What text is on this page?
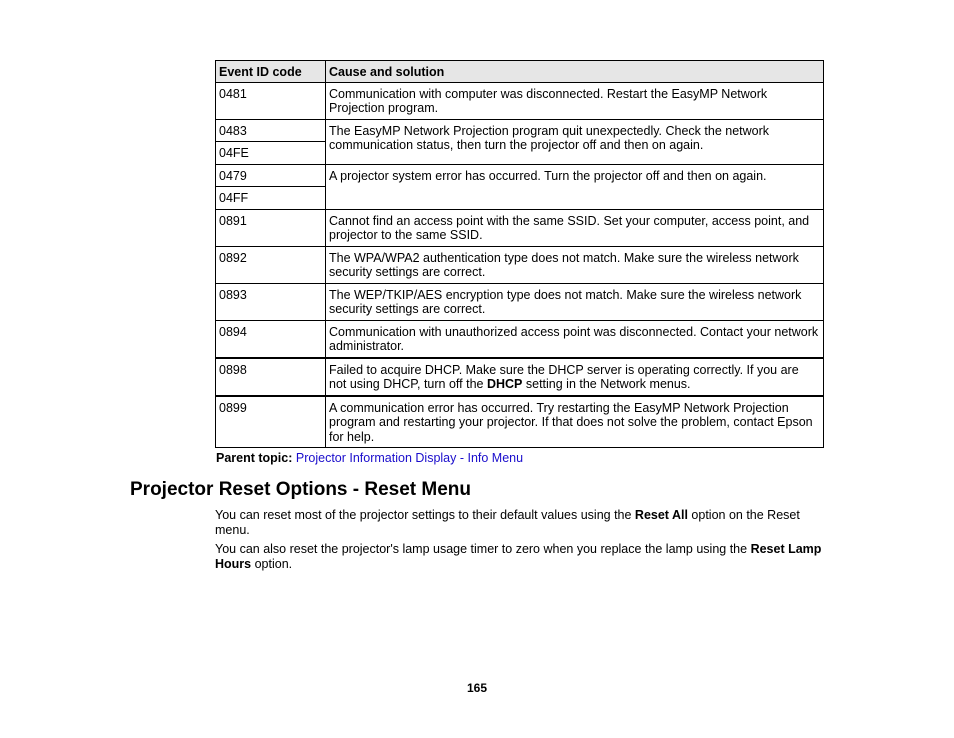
Event ID code	Cause and solution
0481	Communication with computer was disconnected. Restart the EasyMP Network Projection program.
0483	The EasyMP Network Projection program quit unexpectedly. Check the network communication status, then turn the projector off and then on again.
04FE	
0479	A projector system error has occurred. Turn the projector off and then on again.
04FF	
0891	Cannot find an access point with the same SSID. Set your computer, access point, and projector to the same SSID.
0892	The WPA/WPA2 authentication type does not match. Make sure the wireless network security settings are correct.
0893	The WEP/TKIP/AES encryption type does not match. Make sure the wireless network security settings are correct.
0894	Communication with unauthorized access point was disconnected. Contact your network administrator.
0898	Failed to acquire DHCP. Make sure the DHCP server is operating correctly. If you are not using DHCP, turn off the DHCP setting in the Network menus.
0899	A communication error has occurred. Try restarting the EasyMP Network Projection program and restarting your projector. If that does not solve the problem, contact Epson for help.
Parent topic: Projector Information Display - Info Menu
Projector Reset Options - Reset Menu

You can reset most of the projector settings to their default values using the Reset All option on the Reset menu.

You can also reset the projector's lamp usage timer to zero when you replace the lamp using the Reset Lamp Hours option.

165
